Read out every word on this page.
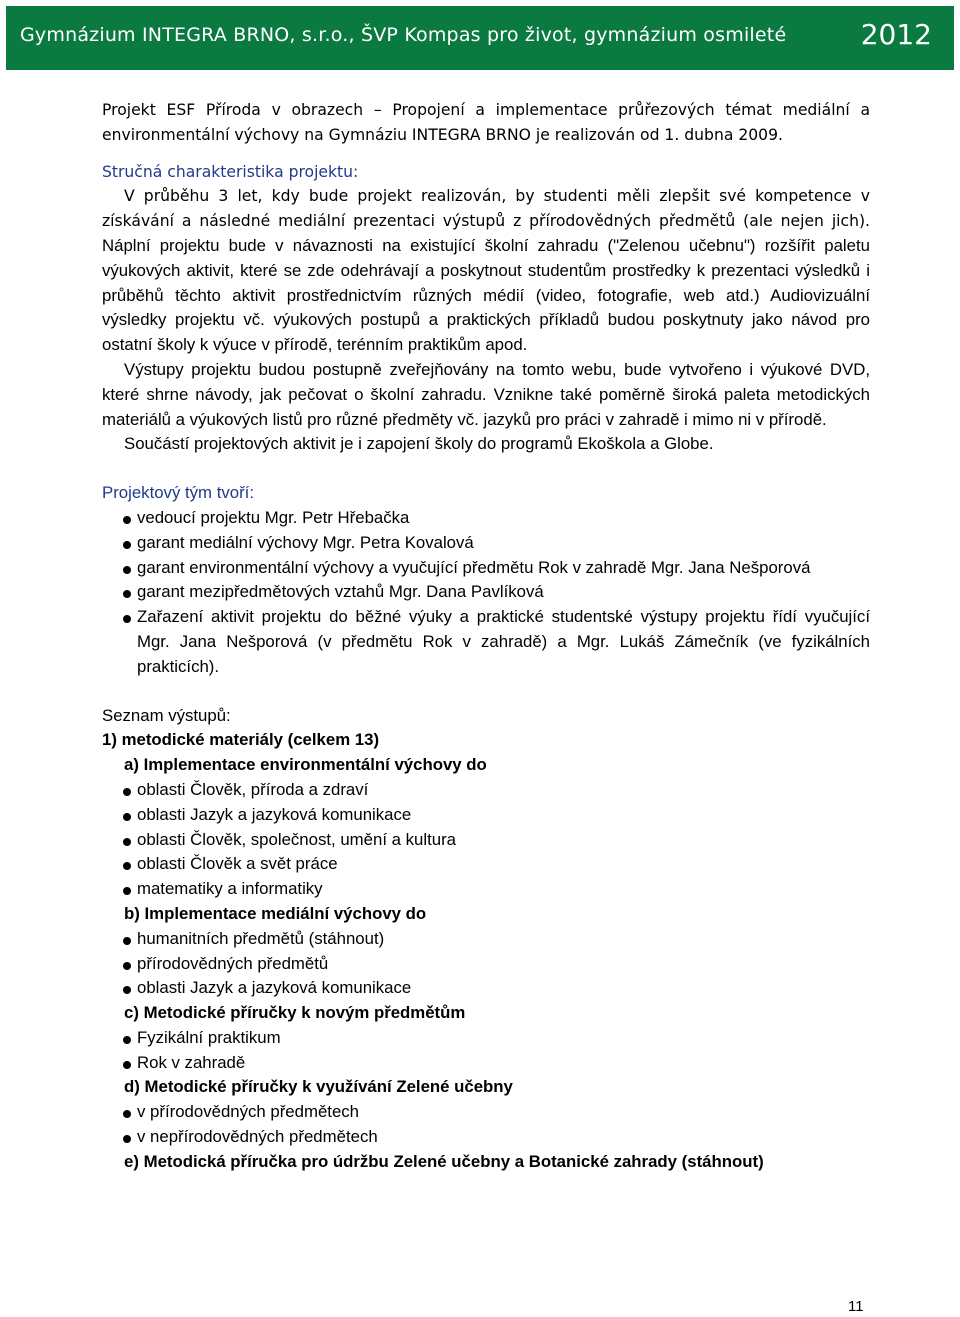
Gymnázium INTEGRA BRNO, s.r.o., ŠVP Kompas pro život, gymnázium osmileté	2012

Projekt ESF Příroda v obrazech – Propojení a implementace průřezových témat mediální a environmentální výchovy na Gymnáziu INTEGRA BRNO je realizován od 1. dubna 2009.

Stručná charakteristika projektu:

V průběhu 3 let, kdy bude projekt realizován, by studenti měli zlepšit své kompetence v získávání a následné mediální prezentaci výstupů z přírodovědných předmětů (ale nejen jich). Náplní projektu bude v návaznosti na existující školní zahradu ("Zelenou učebnu") rozšířit paletu výukových aktivit, které se zde odehrávají a poskytnout studentům prostředky k prezentaci výsledků i průběhů těchto aktivit prostřednictvím různých médií (video, fotografie, web atd.) Audiovizuální výsledky projektu vč. výukových postupů a praktických příkladů budou poskytnuty jako návod pro ostatní školy k výuce v přírodě, terénním praktikům apod.

Výstupy projektu budou postupně zveřejňovány na tomto webu, bude vytvořeno i výukové DVD, které shrne návody, jak pečovat o školní zahradu. Vznikne také poměrně široká paleta metodických materiálů a výukových listů pro různé předměty vč. jazyků pro práci v zahradě i mimo ni v přírodě.

Součástí projektových aktivit je i zapojení školy do programů Ekoškola a Globe.

Projektový tým tvoří:

vedoucí projektu Mgr. Petr Hřebačka
garant mediální výchovy Mgr. Petra Kovalová
garant environmentální výchovy a vyučující předmětu Rok v zahradě Mgr. Jana Nešporová
garant mezipředmětových vztahů Mgr. Dana Pavlíková
Zařazení aktivit projektu do běžné výuky a praktické studentské výstupy projektu řídí vyučující Mgr. Jana Nešporová (v předmětu Rok v zahradě) a Mgr. Lukáš Zámečník (ve fyzikálních prakticích).

Seznam výstupů:

1) metodické materiály (celkem 13)

a) Implementace environmentální výchovy do

oblasti Člověk, příroda a zdraví
oblasti Jazyk a jazyková komunikace
oblasti Člověk, společnost, umění a kultura
oblasti Člověk a svět práce
matematiky a informatiky

b) Implementace mediální výchovy do

humanitních předmětů (stáhnout)
přírodovědných předmětů
oblasti Jazyk a jazyková komunikace

c) Metodické příručky k novým předmětům

Fyzikální praktikum
Rok v zahradě

d) Metodické příručky k využívání Zelené učebny

v přírodovědných předmětech
v nepřírodovědných předmětech

e) Metodická příručka pro údržbu Zelené učebny a Botanické zahrady (stáhnout)

11
